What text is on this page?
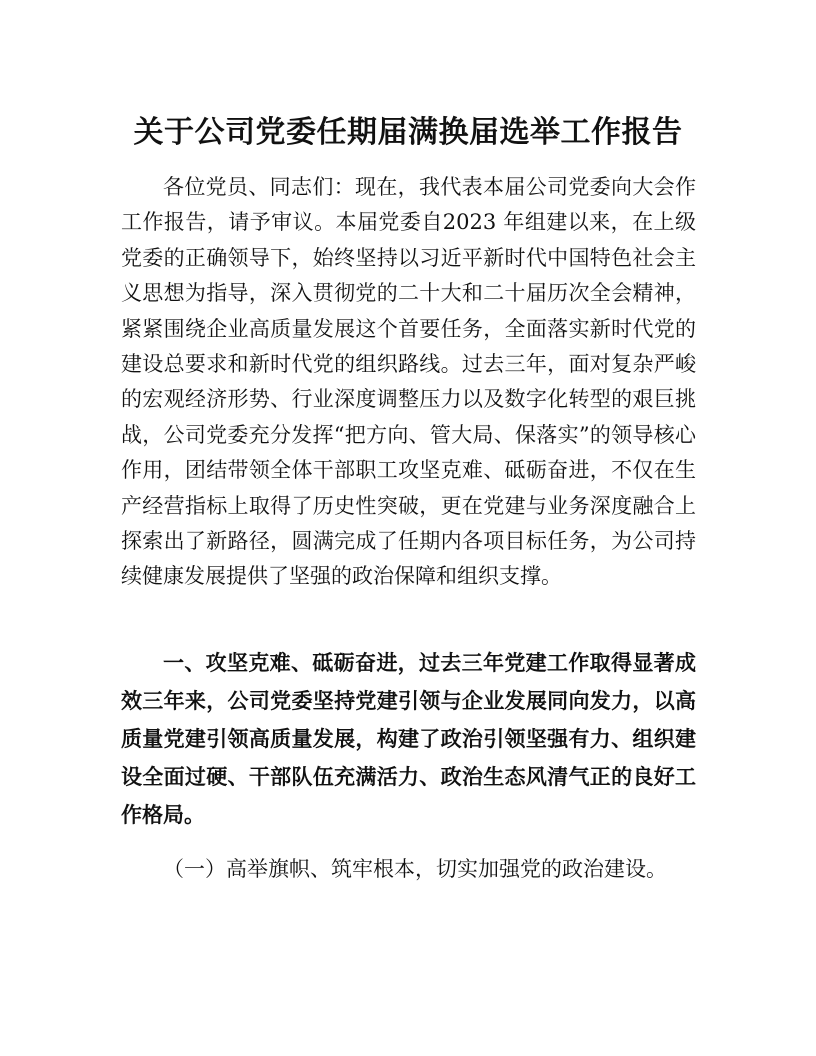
关于公司党委任期届满换届选举工作报告

各位党员、同志们：现在，我代表本届公司党委向大会作工作报告，请予审议。本届党委自2023 年组建以来，在上级党委的正确领导下，始终坚持以习近平新时代中国特色社会主义思想为指导，深入贯彻党的二十大和二十届历次全会精神，紧紧围绕企业高质量发展这个首要任务，全面落实新时代党的建设总要求和新时代党的组织路线。过去三年，面对复杂严峻的宏观经济形势、行业深度调整压力以及数字化转型的艰巨挑战，公司党委充分发挥“把方向、管大局、保落实”的领导核心作用，团结带领全体干部职工攻坚克难、砥砺奋进，不仅在生产经营指标上取得了历史性突破，更在党建与业务深度融合上探索出了新路径，圆满完成了任期内各项目标任务，为公司持续健康发展提供了坚强的政治保障和组织支撑。

一、攻坚克难、砥砺奋进，过去三年党建工作取得显著成效三年来，公司党委坚持党建引领与企业发展同向发力，以高质量党建引领高质量发展，构建了政治引领坚强有力、组织建设全面过硬、干部队伍充满活力、政治生态风清气正的良好工作格局。

（一）高举旗帜、筑牢根本，切实加强党的政治建设。
